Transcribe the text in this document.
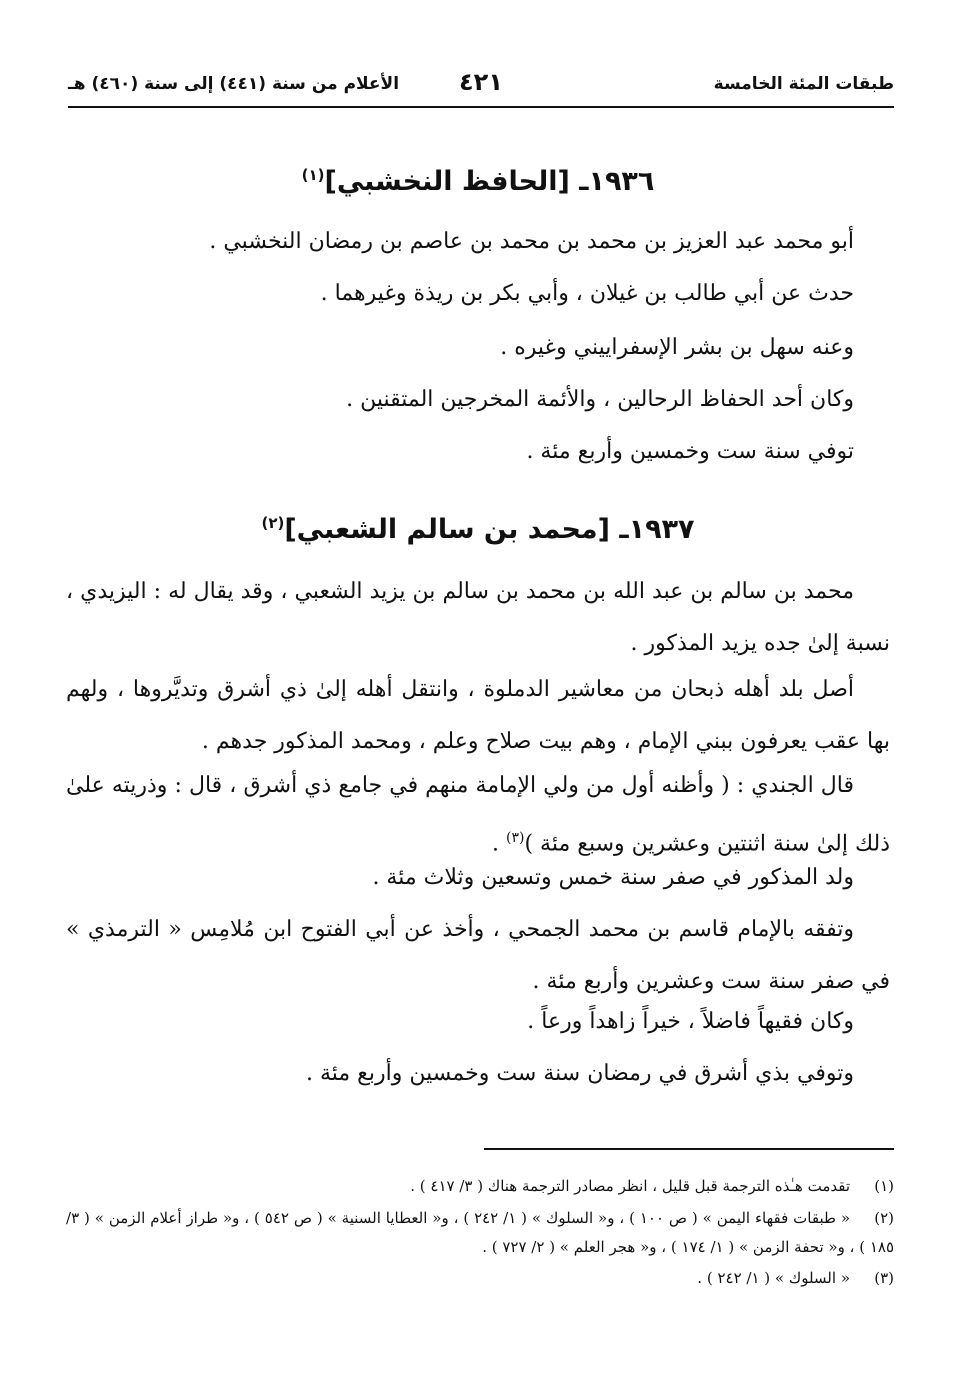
طبقات المئة الخامسة
٤٢١
الأعلام من سنة (٤٤١) إلى سنة (٤٦٠) هـ
١٩٣٦ـ [الحافظ النخشبي]$^{(١)}$
أبو محمد عبد العزيز بن محمد بن محمد بن عاصم بن رمضان النخشبي .
حدث عن أبي طالب بن غيلان ، وأبي بكر بن ريذة وغيرهما .
وعنه سهل بن بشر الإسفراييني وغيره .
وكان أحد الحفاظ الرحالين ، والأئمة المخرجين المتقنين .
توفي سنة ست وخمسين وأربع مئة .
١٩٣٧ـ [محمد بن سالم الشعبي]$^{(٢)}$
محمد بن سالم بن عبد الله بن محمد بن سالم بن يزيد الشعبي ، وقد يقال له : اليزيدي ، نسبة إلىٰ جده يزيد المذكور .
أصل بلد أهله ذبحان من معاشير الدملوة ، وانتقل أهله إلىٰ ذي أشرق وتديَّروها ، ولهم بها عقب يعرفون ببني الإمام ، وهم بيت صلاح وعلم ، ومحمد المذكور جدهم .
قال الجندي : ( وأظنه أول من ولي الإمامة منهم في جامع ذي أشرق ، قال : وذريته علىٰ ذلك إلىٰ سنة اثنتين وعشرين وسبع مئة )$^{(٣)}$ .
ولد المذكور في صفر سنة خمس وتسعين وثلاث مئة .
وتفقه بالإمام قاسم بن محمد الجمحي ، وأخذ عن أبي الفتوح ابن مُلامِس « الترمذي » في صفر سنة ست وعشرين وأربع مئة .
وكان فقيهاً فاضلاً ، خيراً زاهداً ورعاً .
وتوفي بذي أشرق في رمضان سنة ست وخمسين وأربع مئة .
(١)تقدمت هـٰذه الترجمة قبل قليل ، انظر مصادر الترجمة هناك ( ٣/ ٤١٧ ) .
(٢)« طبقات فقهاء اليمن » ( ص ١٠٠ ) ، و« السلوك » ( ١/ ٢٤٢ ) ، و« العطايا السنية » ( ص ٥٤٢ ) ، و« طراز أعلام الزمن » ( ٣/ ١٨٥ ) ، و« تحفة الزمن » ( ١/ ١٧٤ ) ، و« هجر العلم » ( ٢/ ٧٢٧ ) .
(٣)« السلوك » ( ١/ ٢٤٢ ) .
